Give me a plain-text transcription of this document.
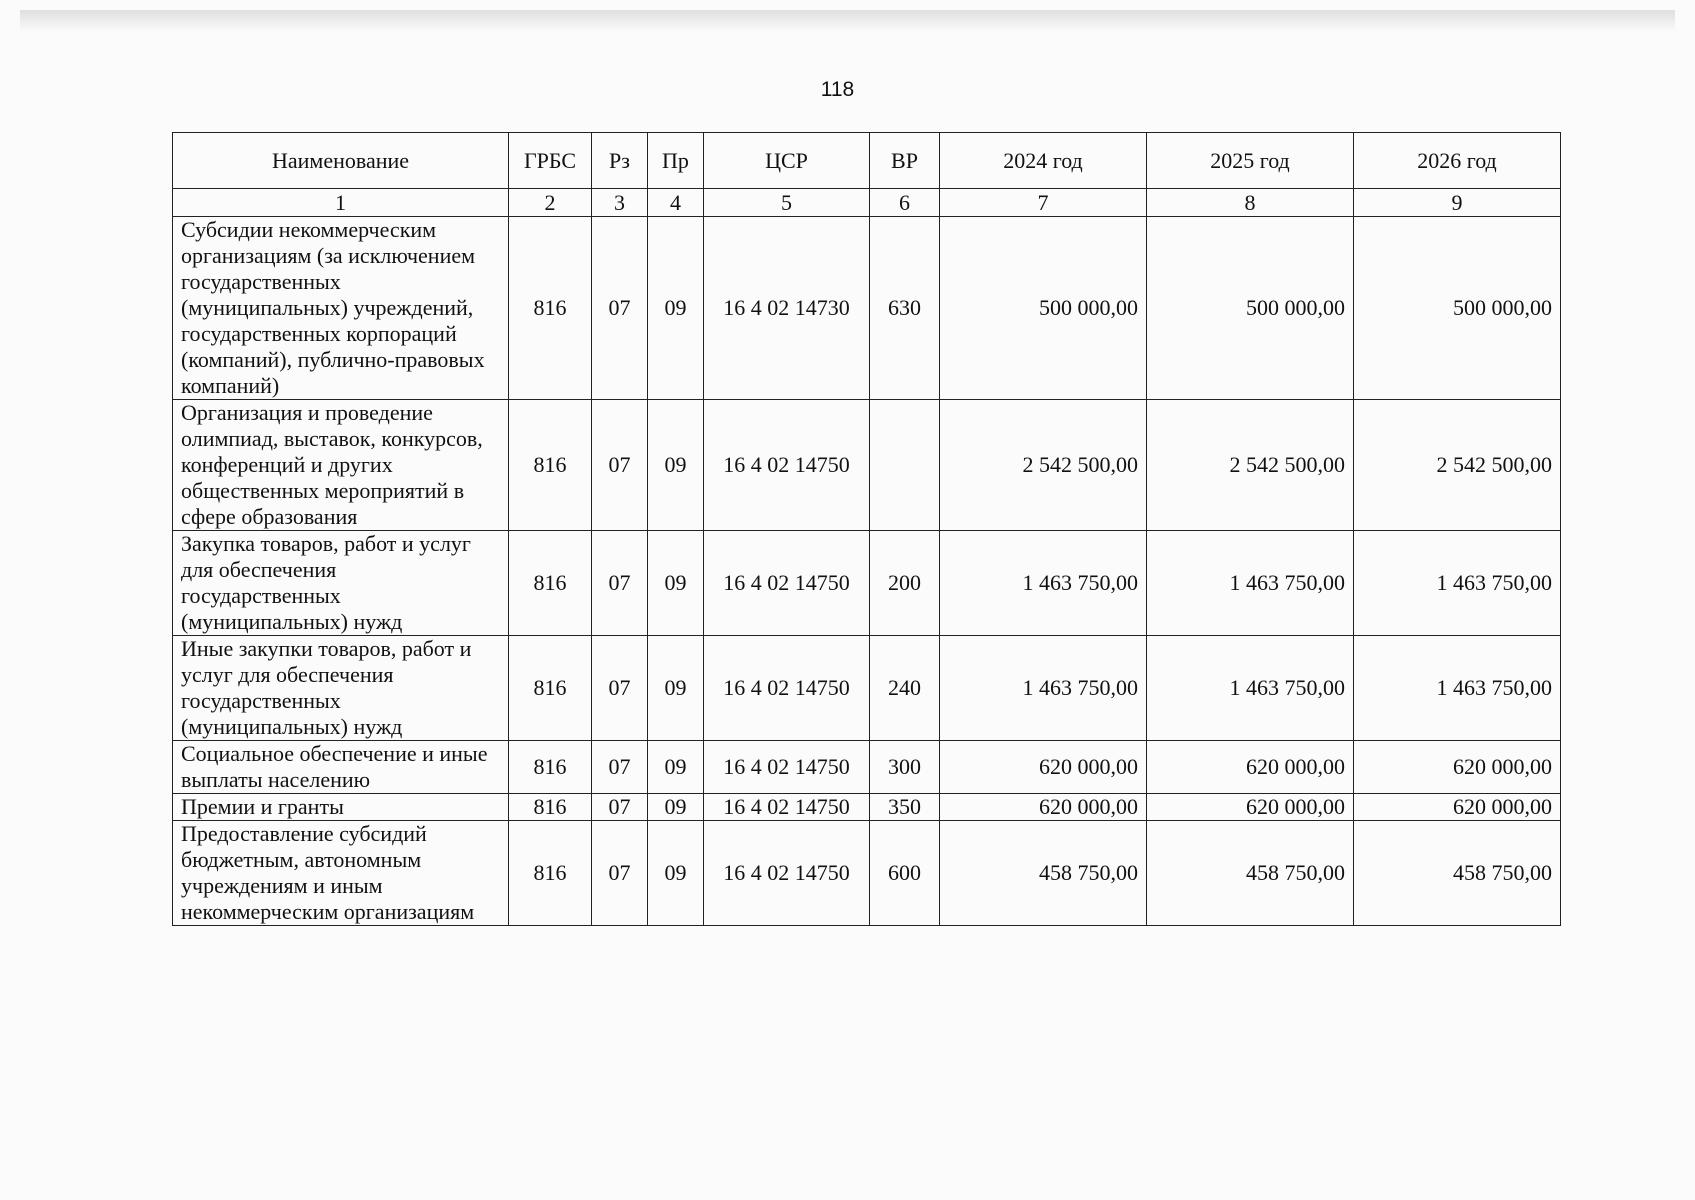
118
Наименование	ГРБС	Рз	Пр	ЦСР	ВР	2024 год	2025 год	2026 год
1	2	3	4	5	6	7	8	9
Субсидии некоммерческим организациям (за исключением государственных (муниципальных) учреждений, государственных корпораций (компаний), публично-правовых компаний)	816	07	09	16 4 02 14730	630	500 000,00	500 000,00	500 000,00
Организация и проведение олимпиад, выставок, конкурсов, конференций и других общественных мероприятий в сфере образования	816	07	09	16 4 02 14750		2 542 500,00	2 542 500,00	2 542 500,00
Закупка товаров, работ и услуг для обеспечения государственных (муниципальных) нужд	816	07	09	16 4 02 14750	200	1 463 750,00	1 463 750,00	1 463 750,00
Иные закупки товаров, работ и услуг для обеспечения государственных (муниципальных) нужд	816	07	09	16 4 02 14750	240	1 463 750,00	1 463 750,00	1 463 750,00
Социальное обеспечение и иные выплаты населению	816	07	09	16 4 02 14750	300	620 000,00	620 000,00	620 000,00
Премии и гранты	816	07	09	16 4 02 14750	350	620 000,00	620 000,00	620 000,00
Предоставление субсидий бюджетным, автономным учреждениям и иным некоммерческим организациям	816	07	09	16 4 02 14750	600	458 750,00	458 750,00	458 750,00
